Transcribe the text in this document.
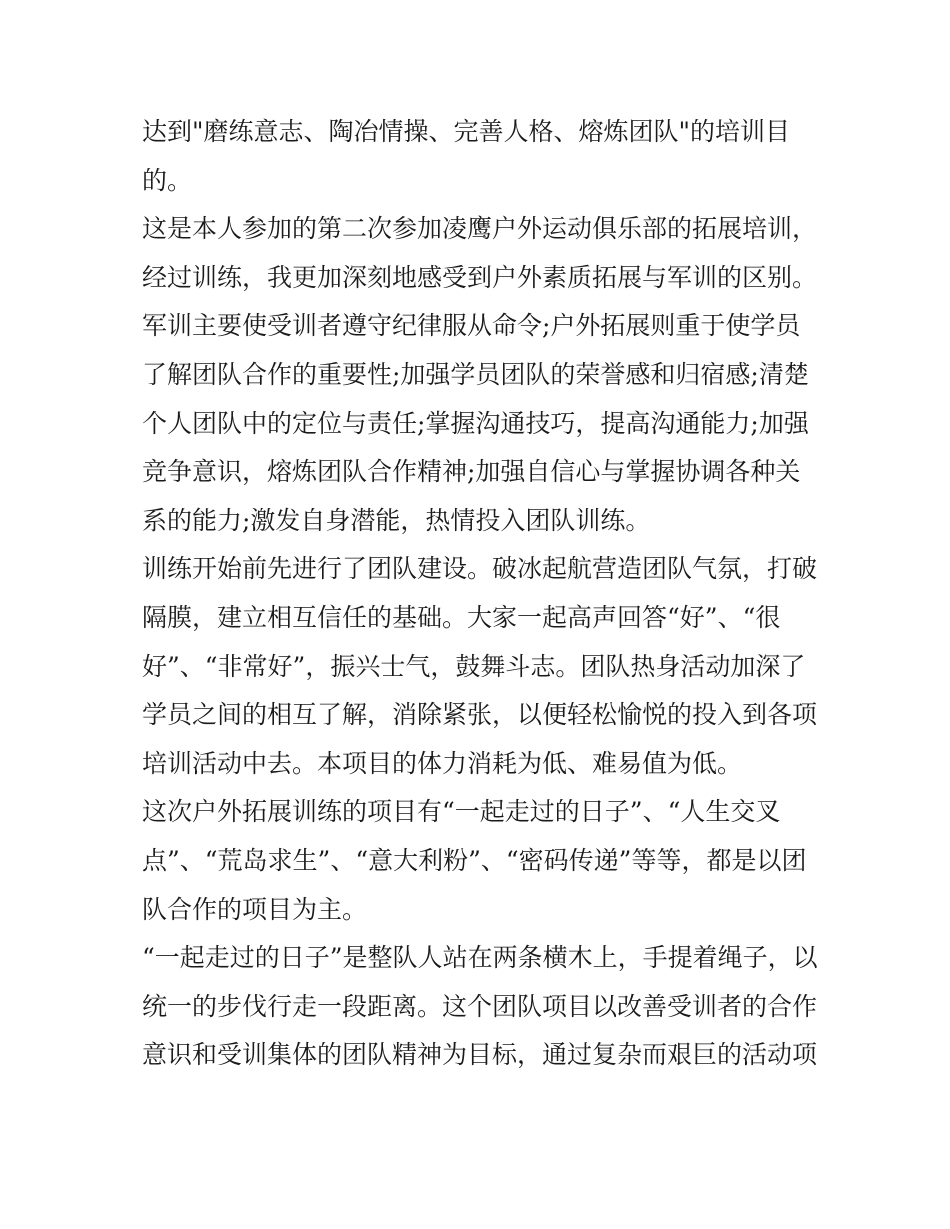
达到"磨练意志、陶冶情操、完善人格、熔炼团队"的培训目
的。
这是本人参加的第二次参加凌鹰户外运动俱乐部的拓展培训，
经过训练，我更加深刻地感受到户外素质拓展与军训的区别。
军训主要使受训者遵守纪律服从命令;户外拓展则重于使学员
了解团队合作的重要性;加强学员团队的荣誉感和归宿感;清楚
个人团队中的定位与责任;掌握沟通技巧，提高沟通能力;加强
竞争意识，熔炼团队合作精神;加强自信心与掌握协调各种关
系的能力;激发自身潜能，热情投入团队训练。
训练开始前先进行了团队建设。破冰起航营造团队气氛，打破
隔膜，建立相互信任的基础。大家一起高声回答“好”、“很
好”、“非常好”，振兴士气，鼓舞斗志。团队热身活动加深了
学员之间的相互了解，消除紧张，以便轻松愉悦的投入到各项
培训活动中去。本项目的体力消耗为低、难易值为低。
这次户外拓展训练的项目有“一起走过的日子”、“人生交叉
点”、“荒岛求生”、“意大利粉”、“密码传递”等等，都是以团
队合作的项目为主。
“一起走过的日子”是整队人站在两条横木上，手提着绳子，以
统一的步伐行走一段距离。这个团队项目以改善受训者的合作
意识和受训集体的团队精神为目标，通过复杂而艰巨的活动项
